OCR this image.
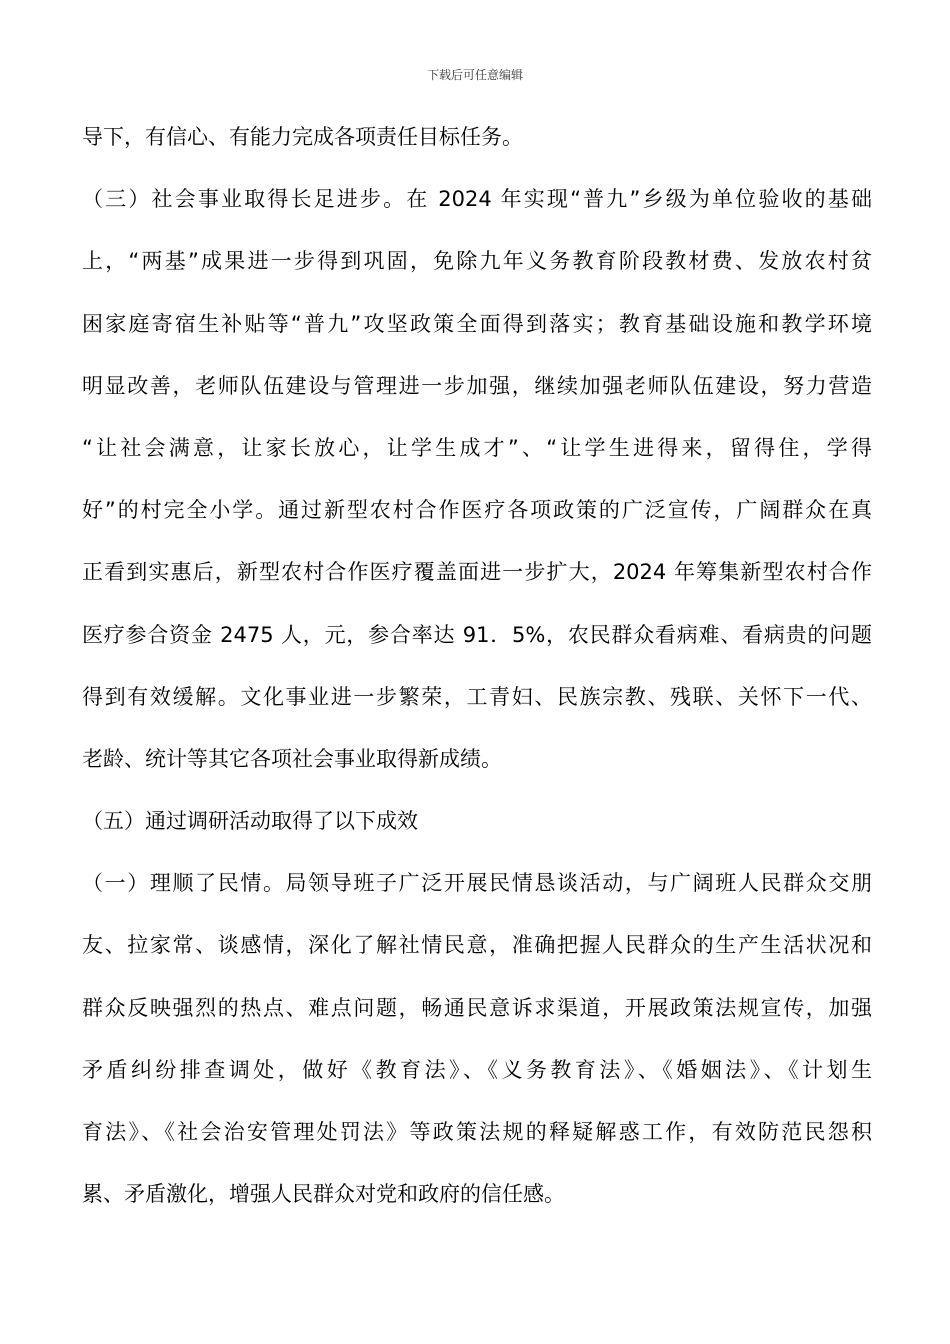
下载后可任意编辑
导下，有信心、有能力完成各项责任目标任务。
（三）社会事业取得长足进步。在 2024 年实现“普九”乡级为单位验收的基础
上，“两基”成果进一步得到巩固，免除九年义务教育阶段教材费、发放农村贫
困家庭寄宿生补贴等“普九”攻坚政策全面得到落实；教育基础设施和教学环境
明显改善，老师队伍建设与管理进一步加强，继续加强老师队伍建设，努力营造
“让社会满意，让家长放心，让学生成才”、“让学生进得来，留得住，学得
好”的村完全小学。通过新型农村合作医疗各项政策的广泛宣传，广阔群众在真
正看到实惠后，新型农村合作医疗覆盖面进一步扩大，2024 年筹集新型农村合作
医疗参合资金 2475 人，元，参合率达 91．5%，农民群众看病难、看病贵的问题
得到有效缓解。文化事业进一步繁荣，工青妇、民族宗教、残联、关怀下一代、
老龄、统计等其它各项社会事业取得新成绩。
（五）通过调研活动取得了以下成效
（一）理顺了民情。局领导班子广泛开展民情恳谈活动，与广阔班人民群众交朋
友、拉家常、谈感情，深化了解社情民意，准确把握人民群众的生产生活状况和
群众反映强烈的热点、难点问题，畅通民意诉求渠道，开展政策法规宣传，加强
矛盾纠纷排查调处，做好《教育法》、《义务教育法》、《婚姻法》、《计划生
育法》、《社会治安管理处罚法》等政策法规的释疑解惑工作，有效防范民怨积
累、矛盾激化，增强人民群众对党和政府的信任感。
